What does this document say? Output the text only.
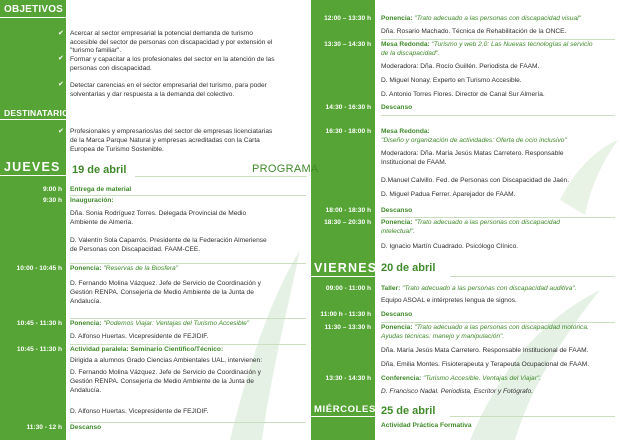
OBJETIVOS
✔
✔
✔
Acercar al sector empresarial la potencial demanda de turismo
accesible del sector de personas con discapacidad y por extensión el
"turismo familiar".
Formar y capacitar a los profesionales del sector en la atención de las
personas con discapacidad.
Detectar carencias en el sector empresarial del turismo, para poder
solventarlas y dar respuesta a la demanda del colectivo.
DESTINATARIOS
✔ Profesionales y empresarios/as del sector de empresas licenciatarias
de la Marca Parque Natural y empresas acreditadas con la Carta
Europea de Turismo Sostenible.
JUEVES 19 de abril	PROGRAMA
9:00 h
9:30 h
10:00 - 10:45 h
10:45 - 11:30 h
10:45 - 11:30 h
11:30 - 12 h
Entrega de material
Inauguración:
Dña. Sonia Rodríguez Torres. Delegada Provincial de Medio
Ambiente de Almería.
D. Valentín Sola Caparrós. Presidente de la Federación Almeriense
de Personas con Discapacidad. FAAM-CEE.
Ponencia: "Reservas de la Biosfera"
D. Fernando Molina Vázquez. Jefe de Servicio de Coordinación y
Gestión RENPA. Consejería de Medio Ambiente de la Junta de
Andalucía.
Ponencia: "Podemos Viajar: Ventajas del Turismo Accesible"
D. Alfonso Huertas. Vicepresidente de FEJIDIF.
Actividad paralela: Seminario Científico/Técnico:
Dirigida a alumnos Grado Ciencias Ambientales UAL, intervienen:
D. Fernando Molina Vázquez. Jefe de Servicio de Coordinación y
Gestión RENPA. Consejería de Medio Ambiente de la Junta de
Andalucía.
D. Alfonso Huertas. Vicepresidente de FEJIDIF.
Descanso
12:00 – 13:30 h
13:30 – 14:30 h
14:30 - 16:30 h
16:30 - 18:00 h
18:00 - 18:30 h
18:30 – 20:30 h
09:00 - 11:00 h
11:00 h - 11:30 h
11:30 – 13:30 h
13:30 - 14:30 h
Ponencia: "Trato adecuado a las personas con discapacidad visual"
Dña. Rosario Machado. Técnica de Rehabilitación de la ONCE.
Mesa Redonda: "Turismo y web 2.0: Las Nuevas tecnologías al servicio
de la discapacidad".
Moderadora: Dña. Rocío Guillén. Periodista de FAAM.
D. Miguel Nonay. Experto en Turismo Accesible.
D. Antonio Torres Flores. Director de Canal Sur Almería.
Descanso
Mesa Redonda:
"Diseño y organización de actividades: Oferta de ocio inclusivo"
Moderadora: Dña. María Jesús Matas Carretero. Responsable
Institucional de FAAM.
D.Manuel Calvillo. Fed. de Personas con Discapacidad de Jaén.
D. Miguel Padua Ferrer. Aparejador de FAAM.
Descanso
Ponencia: "Trato adecuado a las personas con discapacidad
intelectual".
D. Ignacio Martín Cuadrado. Psicólogo Clínico.
VIERNES 20 de abril
Taller: "Trato adecuado a las personas con discapacidad auditiva".
Equipo ASOAL e intérpretes lengua de signos.
Descanso
Ponencia: "Trato adecuado a las personas con discapacidad motórica.
Ayudas técnicas: manejo y manipulación".
Dña. María Jesús Mata Carretero. Responsable Institucional de FAAM.
Dña. Emilia Montes. Fisioterapeuta y Terapeuta Ocupacional de FAAM.
Conferencia: "Turismo Accesible. Ventajas del Viajar".
D. Francisco Nadal. Periodista, Escritor y Fotógrafo.
MIÉRCOLES 25 de abril
Actividad Práctica Formativa
